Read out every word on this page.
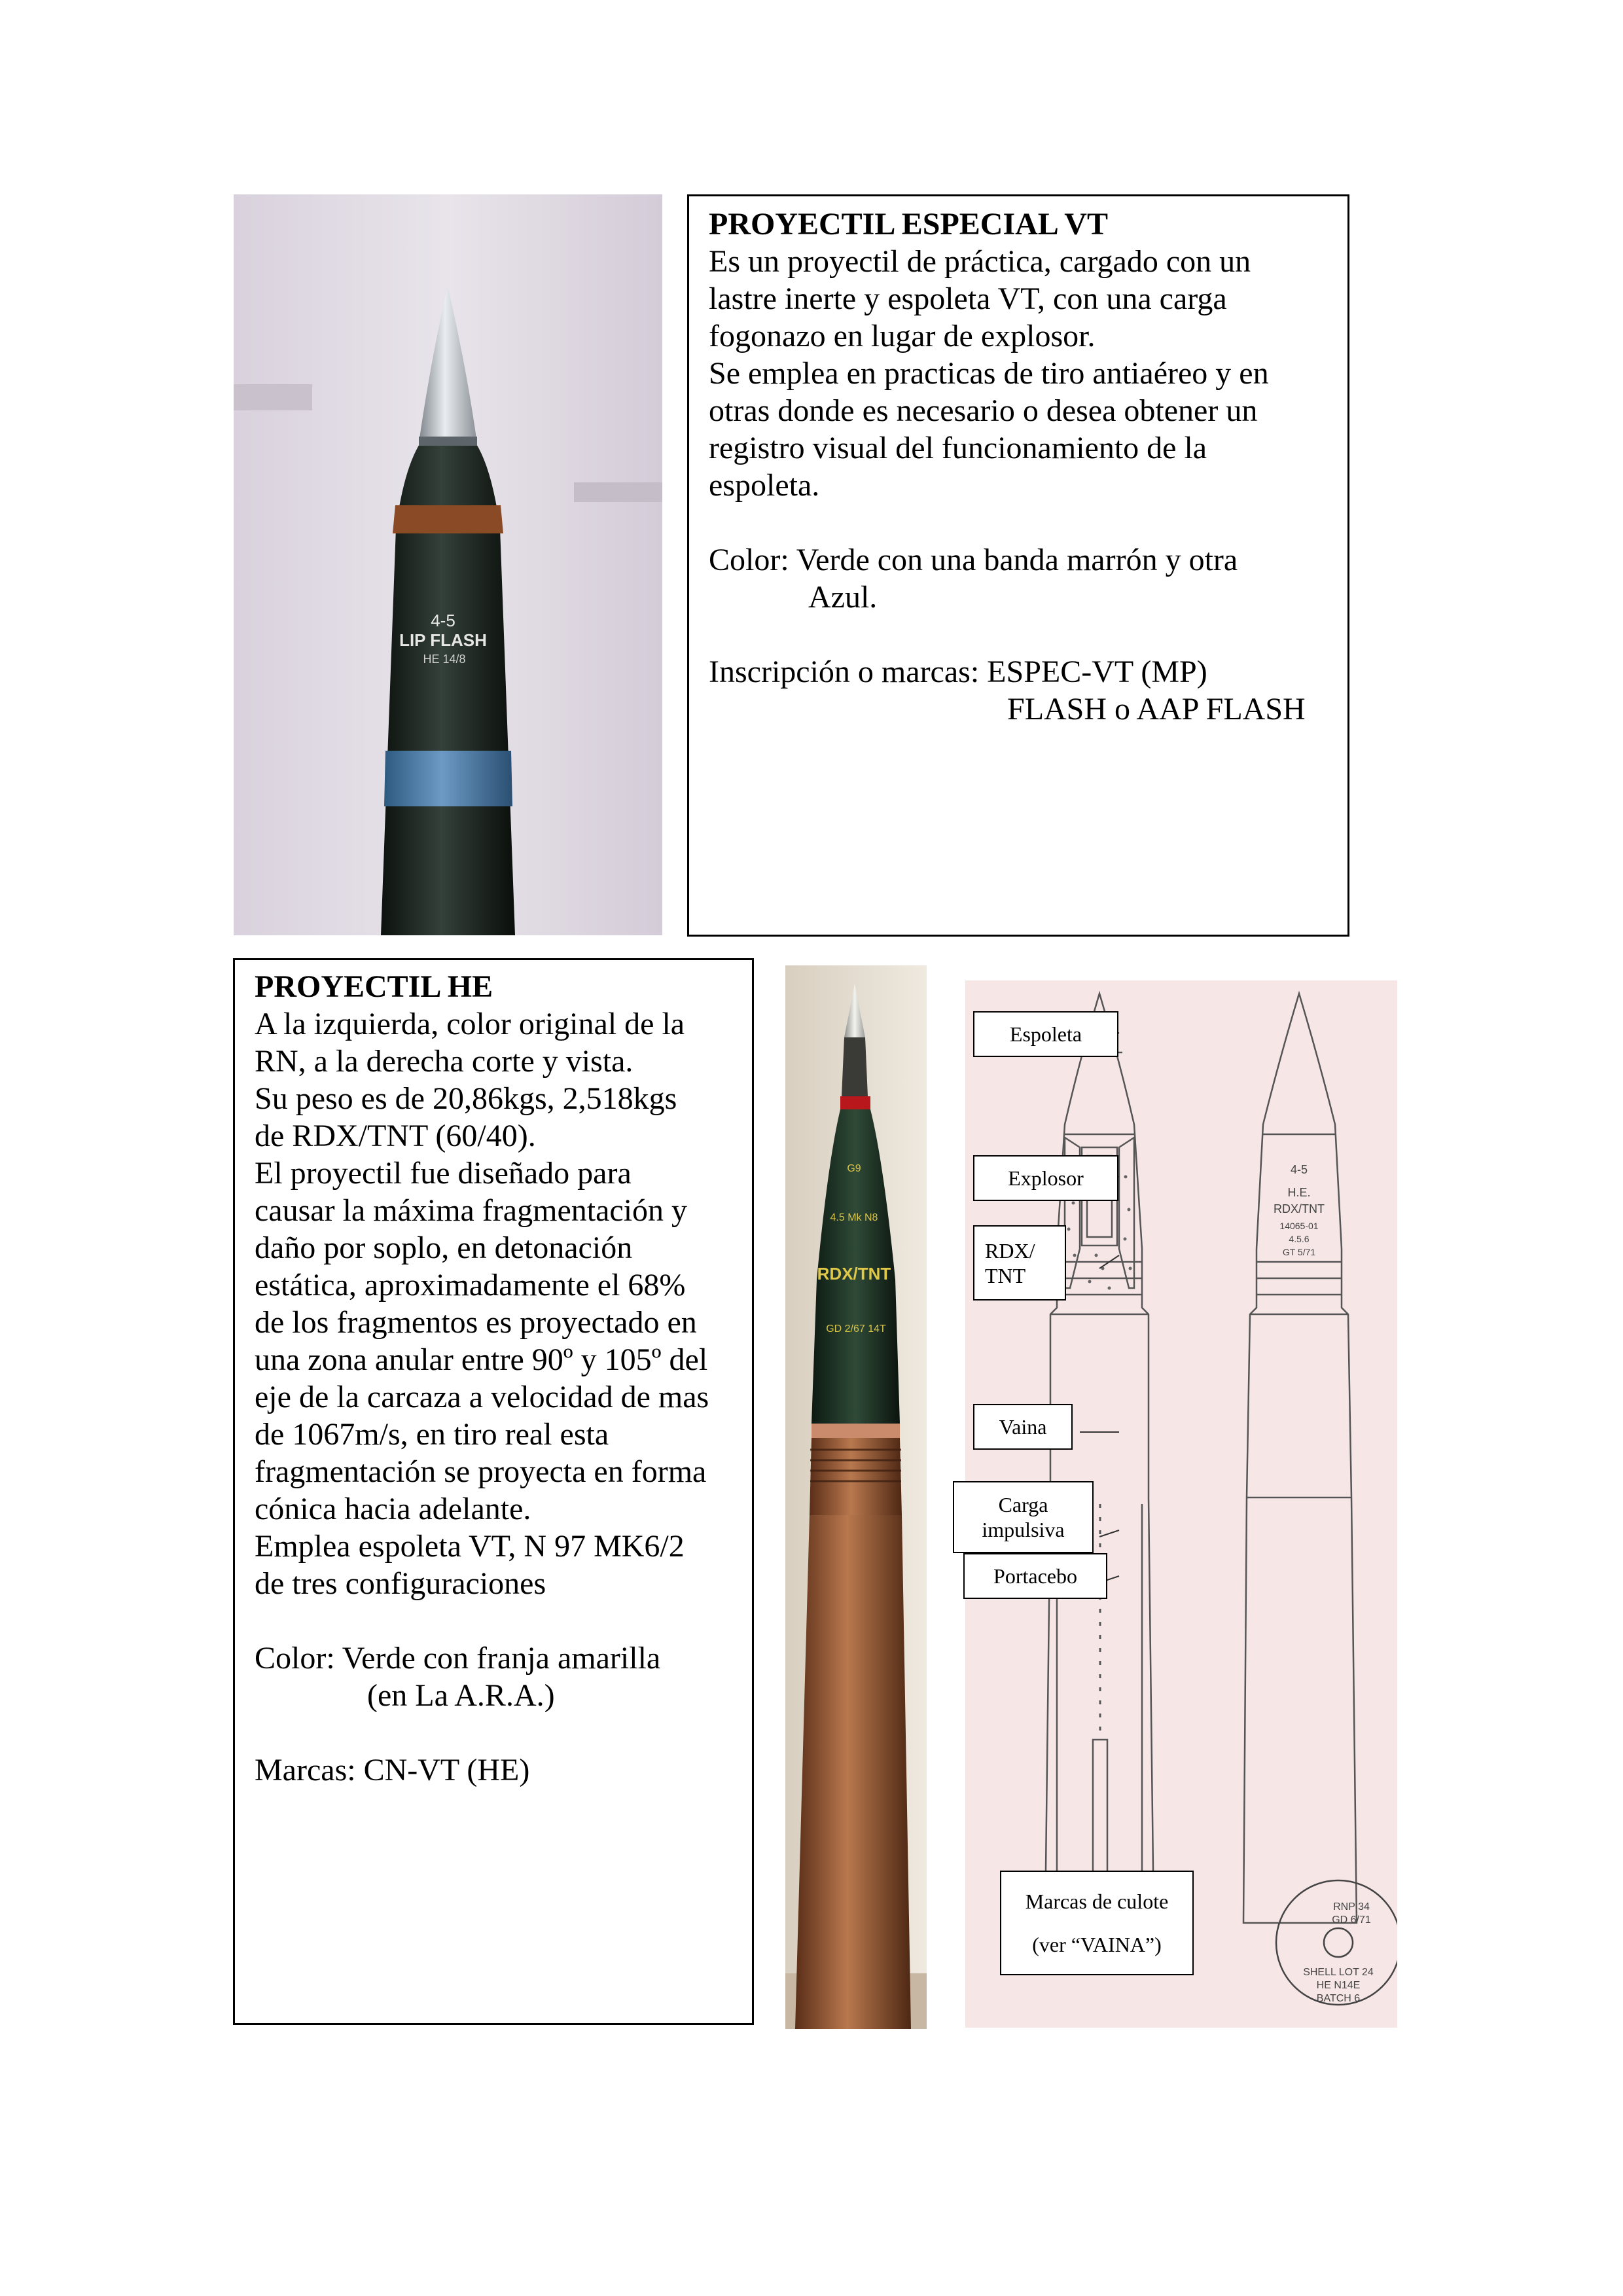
4-5
LIP FLASH
HE 14/8

PROYECTIL ESPECIAL VT

Es un proyectil de práctica, cargado con un

lastre inerte y espoleta VT, con una carga

fogonazo en lugar de explosor.

Se emplea en practicas de tiro antiaéreo y en

otras donde es necesario o desea obtener un

registro visual del funcionamiento de la

espoleta.

Color: Verde con una banda marrón y otra

Azul.

Inscripción o marcas: ESPEC-VT (MP)

FLASH o AAP FLASH

PROYECTIL HE

A la izquierda, color original de la

RN, a la derecha corte y vista.

Su peso es de 20,86kgs, 2,518kgs

de RDX/TNT (60/40).

El proyectil fue diseñado para

causar la máxima fragmentación y

daño por soplo, en detonación

estática, aproximadamente el 68%

de los fragmentos es proyectado en

una zona anular entre 90º y 105º del

eje de la carcaza a velocidad de mas

de 1067m/s, en tiro real esta

fragmentación se proyecta en forma

cónica hacia adelante.

Emplea espoleta VT, N 97 MK6/2

de tres configuraciones

Color: Verde con franja amarilla

(en La A.R.A.)

Marcas: CN-VT (HE)

G9
4.5 Mk N8
RDX/TNT
GD 2/67 14T
4-5
H.E.
RDX/TNT
14065-01
4.5.6
GT 5/71
RNP 34
GD 6/71
SHELL LOT 24
HE N14E
BATCH 6
Espoleta
Explosor
RDX/
TNT
Vaina
Carga
impulsiva
Portacebo
Marcas de culote
(ver “VAINA”)
